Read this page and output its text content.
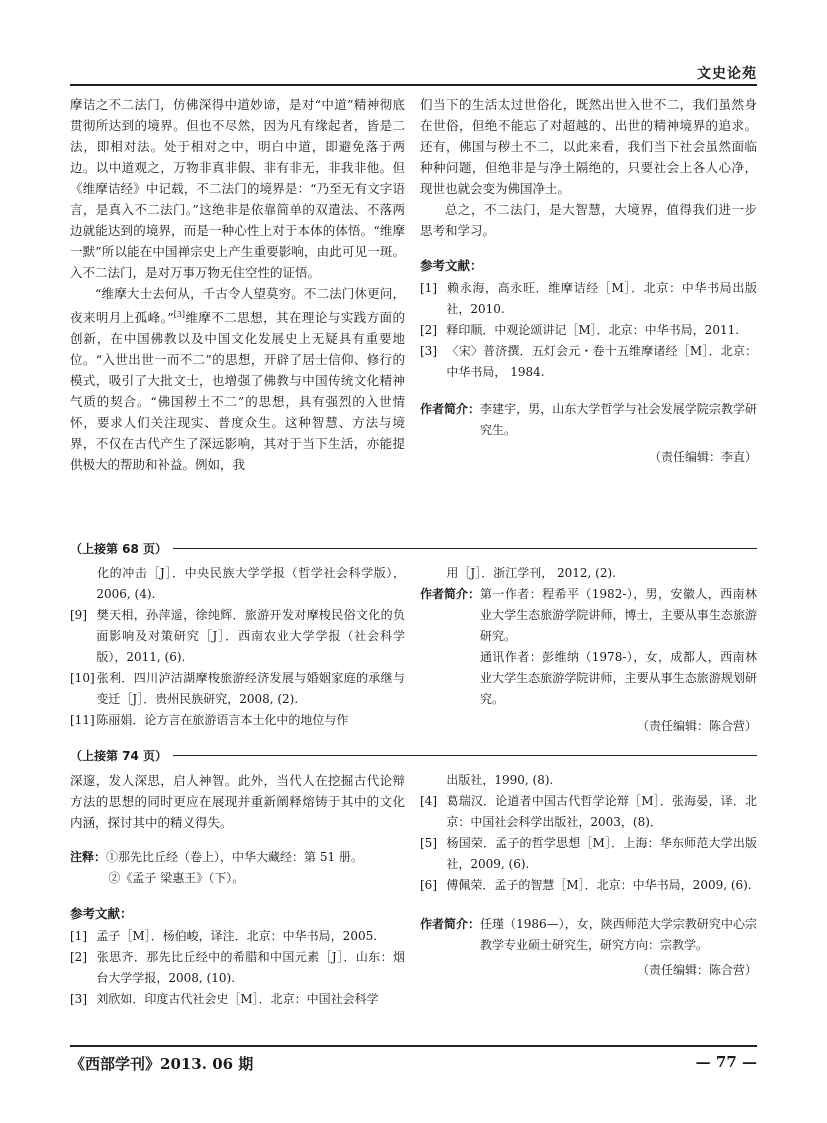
文史论苑

摩诘之不二法门，仿佛深得中道妙谛，是对“中道”精神彻底贯彻所达到的境界。但也不尽然，因为凡有缘起者，皆是二法，即相对法。处于相对之中，明白中道，即避免落于两边。以中道观之，万物非真非假、非有非无，非我非他。但《维摩诘经》中记载，不二法门的境界是：“乃至无有文字语言，是真入不二法门。”这绝非是依靠简单的双遣法、不落两边就能达到的境界，而是一种心性上对于本体的体悟。“维摩一默”所以能在中国禅宗史上产生重要影响，由此可见一斑。入不二法门，是对万事万物无住空性的证悟。

“维摩大士去何从，千古令人望莫穷。不二法门休更问，夜来明月上孤峰。”[3]维摩不二思想，其在理论与实践方面的创新，在中国佛教以及中国文化发展史上无疑具有重要地位。“入世出世一而不二”的思想，开辟了居士信仰、修行的模式，吸引了大批文士，也增强了佛教与中国传统文化精神气质的契合。“佛国秽土不二”的思想，具有强烈的入世情怀，要求人们关注现实、普度众生。这种智慧、方法与境界，不仅在古代产生了深远影响，其对于当下生活，亦能提供极大的帮助和补益。例如，我

们当下的生活太过世俗化，既然出世入世不二，我们虽然身在世俗，但绝不能忘了对超越的、出世的精神境界的追求。还有，佛国与秽土不二，以此来看，我们当下社会虽然面临种种问题，但绝非是与净土隔绝的，只要社会上各人心净，现世也就会变为佛国净土。

总之，不二法门，是大智慧，大境界，值得我们进一步思考和学习。

参考文献：

[1] 赖永海，高永旺．维摩诘经［M］．北京：中华书局出版社，2010.

[2] 释印顺．中观论颂讲记［M］．北京：中华书局，2011.

[3] 〈宋〉普济撰．五灯会元・卷十五维摩诸经［M］．北京：中华书局， 1984.

作者简介： 李建宇，男，山东大学哲学与社会发展学院宗教学研究生。
（责任编辑：李直）
（上接第 68 页）

化的冲击［J］．中央民族大学学报（哲学社会科学版），2006, (4).

[9] 樊天相，孙萍遥，徐纯辉．旅游开发对摩梭民俗文化的负面影响及对策研究［J］．西南农业大学学报（社会科学版），2011, (6).

[10] 张利．四川泸沽湖摩梭旅游经济发展与婚姻家庭的承继与变迁［J］．贵州民族研究，2008, (2).

[11] 陈丽娟．论方言在旅游语言本土化中的地位与作

用［J］．浙江学刊， 2012, (2).

作者简介： 第一作者：程希平（1982-），男，安徽人，西南林业大学生态旅游学院讲师，博士，主要从事生态旅游研究。
通讯作者：彭维纳（1978-），女，成都人，西南林业大学生态旅游学院讲师，主要从事生态旅游规划研究。
（责任编辑：陈合营）
（上接第 74 页）

深邃，发人深思，启人神智。此外，当代人在挖掘古代论辩方法的思想的同时更应在展现并重新阐释熔铸于其中的文化内涵，探讨其中的精义得失。

注释：①那先比丘经（卷上），中华大藏经：第 51 册。

②《孟子 梁惠王》（下）。

参考文献：

[1] 孟子［M］．杨伯峻，译注．北京：中华书局，2005.

[2] 张思齐．那先比丘经中的希腊和中国元素［J］．山东：烟台大学学报，2008, (10).

[3] 刘欣如．印度古代社会史［M］．北京：中国社会科学

出版社，1990, (8).

[4] 葛瑞汉．论道者中国古代哲学论辩［M］．张海晏，译．北京：中国社会科学出版社，2003，(8)．

[5] 杨国荣．孟子的哲学思想［M］．上海：华东师范大学出版社，2009, (6).

[6] 傅佩荣．孟子的智慧［M］．北京：中华书局，2009, (6).

作者简介： 任瑾（1986—），女，陕西师范大学宗教研究中心宗教学专业硕士研究生，研究方向：宗教学。
（责任编辑：陈合营）
《西部学刊》2013. 06 期	— 77 —
